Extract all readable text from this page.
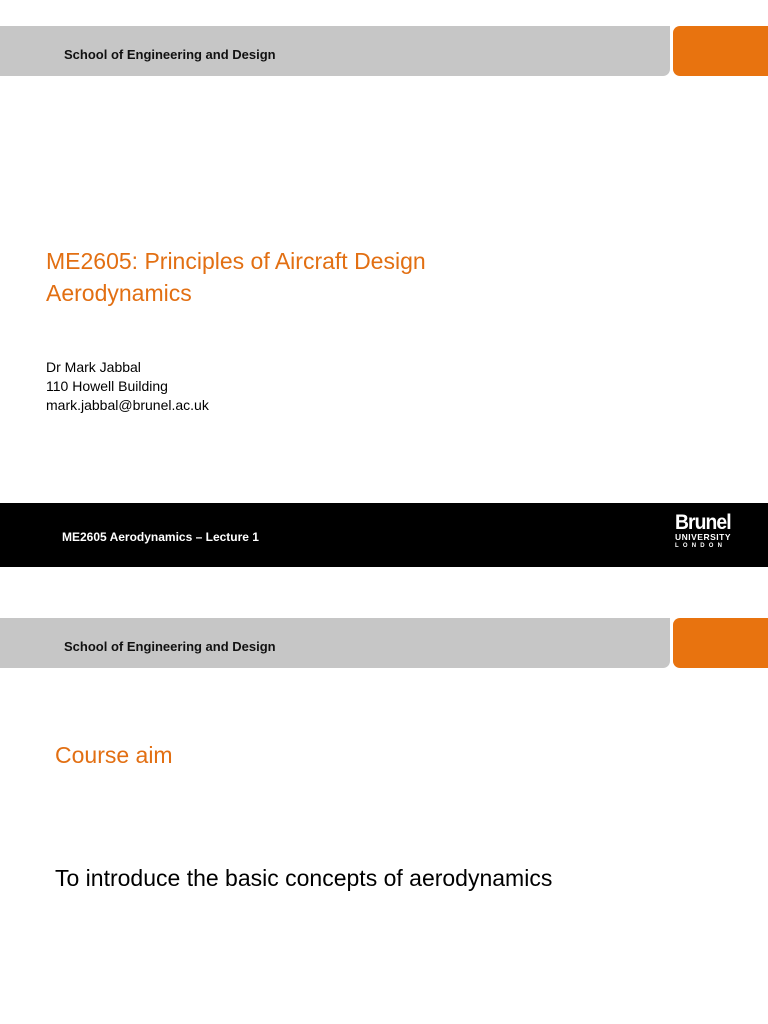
School of Engineering and Design
ME2605: Principles of Aircraft Design
Aerodynamics
Dr Mark Jabbal
110 Howell Building
mark.jabbal@brunel.ac.uk
ME2605 Aerodynamics – Lecture 1
Brunel
UNIVERSITY
LONDON
School of Engineering and Design
Course aim
To introduce the basic concepts of aerodynamics
